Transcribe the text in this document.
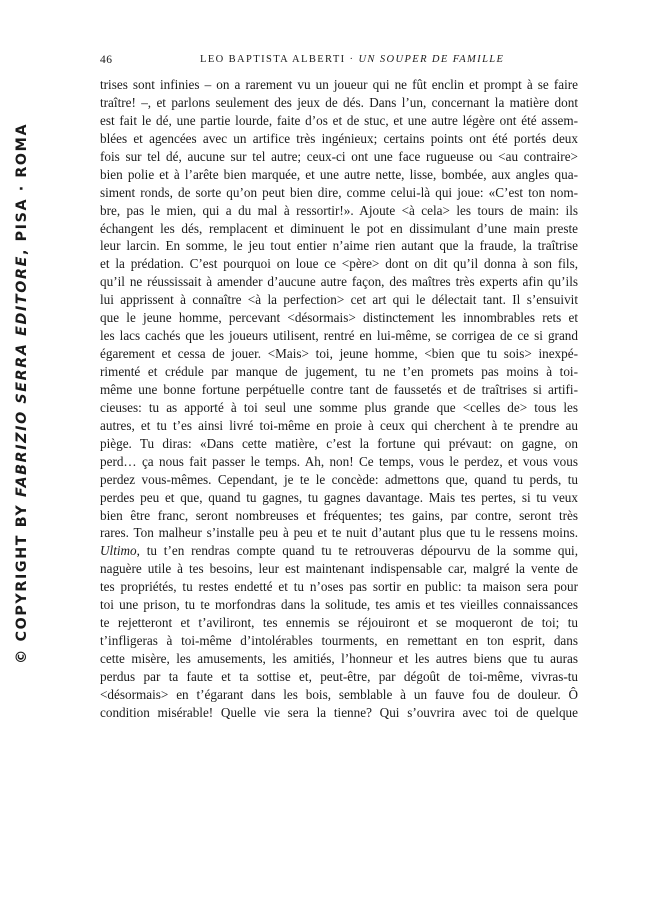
46	LEO BAPTISTA ALBERTI · UN SOUPER DE FAMILLE
© COPYRIGHT BY FABRIZIO SERRA EDITORE, PISA · ROMA
trises sont infinies – on a rarement vu un joueur qui ne fût enclin et prompt à se faire
traître! –, et parlons seulement des jeux de dés. Dans l’un, concernant la matière dont
est fait le dé, une partie lourde, faite d’os et de stuc, et une autre légère ont été assem-
blées et agencées avec un artifice très ingénieux; certains points ont été portés deux
fois sur tel dé, aucune sur tel autre; ceux-ci ont une face rugueuse ou <au contraire>
bien polie et à l’arête bien marquée, et une autre nette, lisse, bombée, aux angles qua-
siment ronds, de sorte qu’on peut bien dire, comme celui-là qui joue: «C’est ton nom-
bre, pas le mien, qui a du mal à ressortir!». Ajoute <à cela> les tours de main: ils
échangent les dés, remplacent et diminuent le pot en dissimulant d’une main preste
leur larcin. En somme, le jeu tout entier n’aime rien autant que la fraude, la traîtrise
et la prédation. C’est pourquoi on loue ce <père> dont on dit qu’il donna à son fils,
qu’il ne réussissait à amender d’aucune autre façon, des maîtres très experts afin qu’ils
lui apprissent à connaître <à la perfection> cet art qui le délectait tant. Il s’ensuivit
que le jeune homme, percevant <désormais> distinctement les innombrables rets et
les lacs cachés que les joueurs utilisent, rentré en lui-même, se corrigea de ce si grand
égarement et cessa de jouer. <Mais> toi, jeune homme, <bien que tu sois> inexpé-
rimenté et crédule par manque de jugement, tu ne t’en promets pas moins à toi-
même une bonne fortune perpétuelle contre tant de faussetés et de traîtrises si artifi-
cieuses: tu as apporté à toi seul une somme plus grande que <celles de> tous les
autres, et tu t’es ainsi livré toi-même en proie à ceux qui cherchent à te prendre au
piège. Tu diras: «Dans cette matière, c’est la fortune qui prévaut: on gagne, on
perd… ça nous fait passer le temps. Ah, non! Ce temps, vous le perdez, et vous vous
perdez vous-mêmes. Cependant, je te le concède: admettons que, quand tu perds, tu
perdes peu et que, quand tu gagnes, tu gagnes davantage. Mais tes pertes, si tu veux
bien être franc, seront nombreuses et fréquentes; tes gains, par contre, seront très
rares. Ton malheur s’installe peu à peu et te nuit d’autant plus que tu le ressens moins.
Ultimo, tu t’en rendras compte quand tu te retrouveras dépourvu de la somme qui,
naguère utile à tes besoins, leur est maintenant indispensable car, malgré la vente de
tes propriétés, tu restes endetté et tu n’oses pas sortir en public: ta maison sera pour
toi une prison, tu te morfondras dans la solitude, tes amis et tes vieilles connaissances
te rejetteront et t’aviliront, tes ennemis se réjouiront et se moqueront de toi; tu
t’infligeras à toi-même d’intolérables tourments, en remettant en ton esprit, dans
cette misère, les amusements, les amitiés, l’honneur et les autres biens que tu auras
perdus par ta faute et ta sottise et, peut-être, par dégoût de toi-même, vivras-tu
<désormais> en t’égarant dans les bois, semblable à un fauve fou de douleur. Ô
condition misérable! Quelle vie sera la tienne? Qui s’ouvrira avec toi de quelque
